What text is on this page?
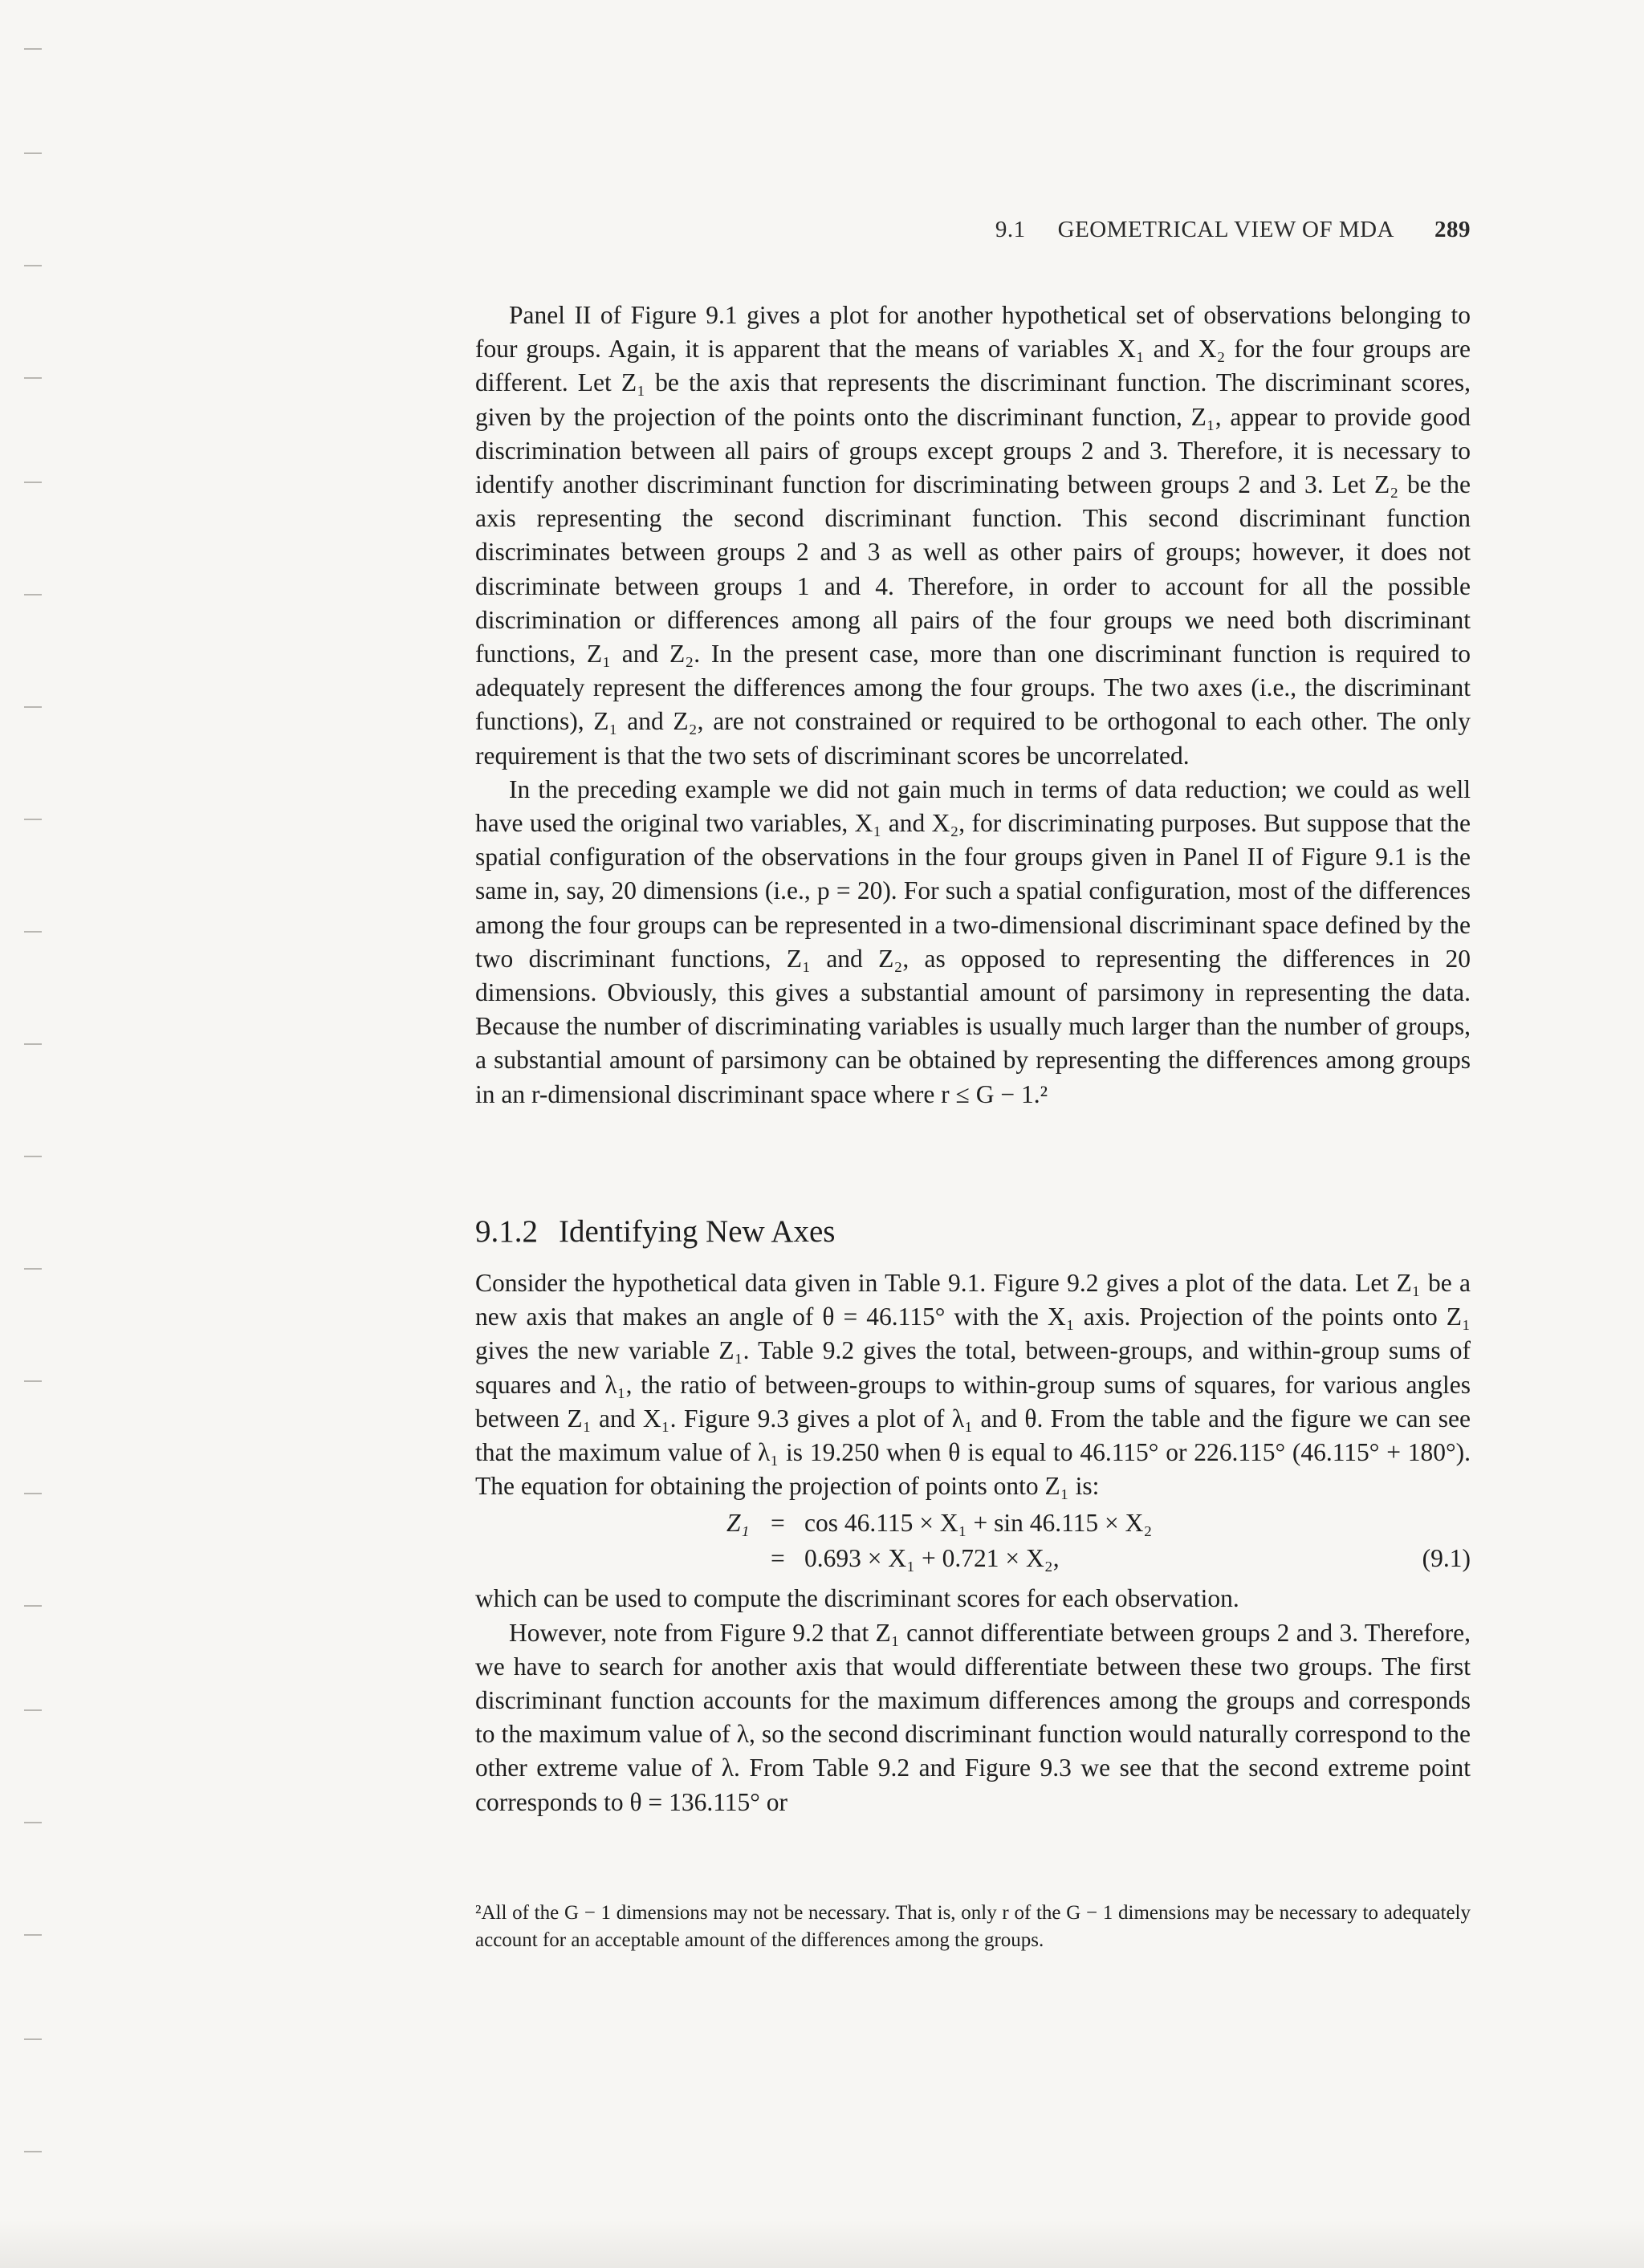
9.1 GEOMETRICAL VIEW OF MDA 289

Panel II of Figure 9.1 gives a plot for another hypothetical set of observations belonging to four groups. Again, it is apparent that the means of variables X₁ and X₂ for the four groups are different. Let Z₁ be the axis that represents the discriminant function. The discriminant scores, given by the projection of the points onto the discriminant function, Z₁, appear to provide good discrimination between all pairs of groups except groups 2 and 3. Therefore, it is necessary to identify another discriminant function for discriminating between groups 2 and 3. Let Z₂ be the axis representing the second discriminant function. This second discriminant function discriminates between groups 2 and 3 as well as other pairs of groups; however, it does not discriminate between groups 1 and 4. Therefore, in order to account for all the possible discrimination or differences among all pairs of the four groups we need both discriminant functions, Z₁ and Z₂. In the present case, more than one discriminant function is required to adequately represent the differences among the four groups. The two axes (i.e., the discriminant functions), Z₁ and Z₂, are not constrained or required to be orthogonal to each other. The only requirement is that the two sets of discriminant scores be uncorrelated.

In the preceding example we did not gain much in terms of data reduction; we could as well have used the original two variables, X₁ and X₂, for discriminating purposes. But suppose that the spatial configuration of the observations in the four groups given in Panel II of Figure 9.1 is the same in, say, 20 dimensions (i.e., p = 20). For such a spatial configuration, most of the differences among the four groups can be represented in a two-dimensional discriminant space defined by the two discriminant functions, Z₁ and Z₂, as opposed to representing the differences in 20 dimensions. Obviously, this gives a substantial amount of parsimony in representing the data. Because the number of discriminating variables is usually much larger than the number of groups, a substantial amount of parsimony can be obtained by representing the differences among groups in an r-dimensional discriminant space where r ≤ G − 1.²

9.1.2 Identifying New Axes

Consider the hypothetical data given in Table 9.1. Figure 9.2 gives a plot of the data. Let Z₁ be a new axis that makes an angle of θ = 46.115° with the X₁ axis. Projection of the points onto Z₁ gives the new variable Z₁. Table 9.2 gives the total, between-groups, and within-group sums of squares and λ₁, the ratio of between-groups to within-group sums of squares, for various angles between Z₁ and X₁. Figure 9.3 gives a plot of λ₁ and θ. From the table and the figure we can see that the maximum value of λ₁ is 19.250 when θ is equal to 46.115° or 226.115° (46.115° + 180°). The equation for obtaining the projection of points onto Z₁ is:

Z₁ = cos 46.115 × X₁ + sin 46.115 × X₂
= 0.693 × X₁ + 0.721 × X₂,	(9.1)

which can be used to compute the discriminant scores for each observation.

However, note from Figure 9.2 that Z₁ cannot differentiate between groups 2 and 3. Therefore, we have to search for another axis that would differentiate between these two groups. The first discriminant function accounts for the maximum differences among the groups and corresponds to the maximum value of λ, so the second discriminant function would naturally correspond to the other extreme value of λ. From Table 9.2 and Figure 9.3 we see that the second extreme point corresponds to θ = 136.115° or

²All of the G − 1 dimensions may not be necessary. That is, only r of the G − 1 dimensions may be necessary to adequately account for an acceptable amount of the differences among the groups.
